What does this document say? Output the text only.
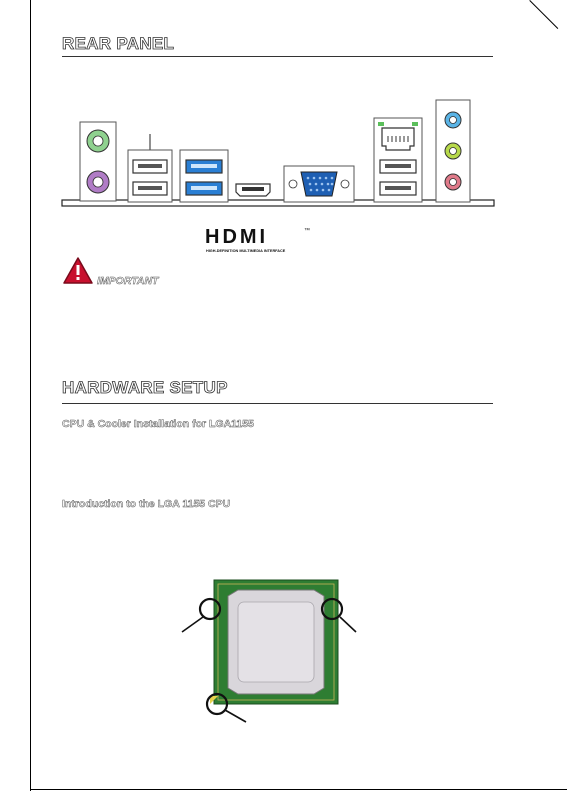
REAR PANEL
HDMI	™
HIGH-DEFINITION MULTIMEDIA INTERFACE
IMPORTANT
HARDWARE SETUP
CPU & Cooler Installation for LGA1155
Introduction to the LGA 1155 CPU
